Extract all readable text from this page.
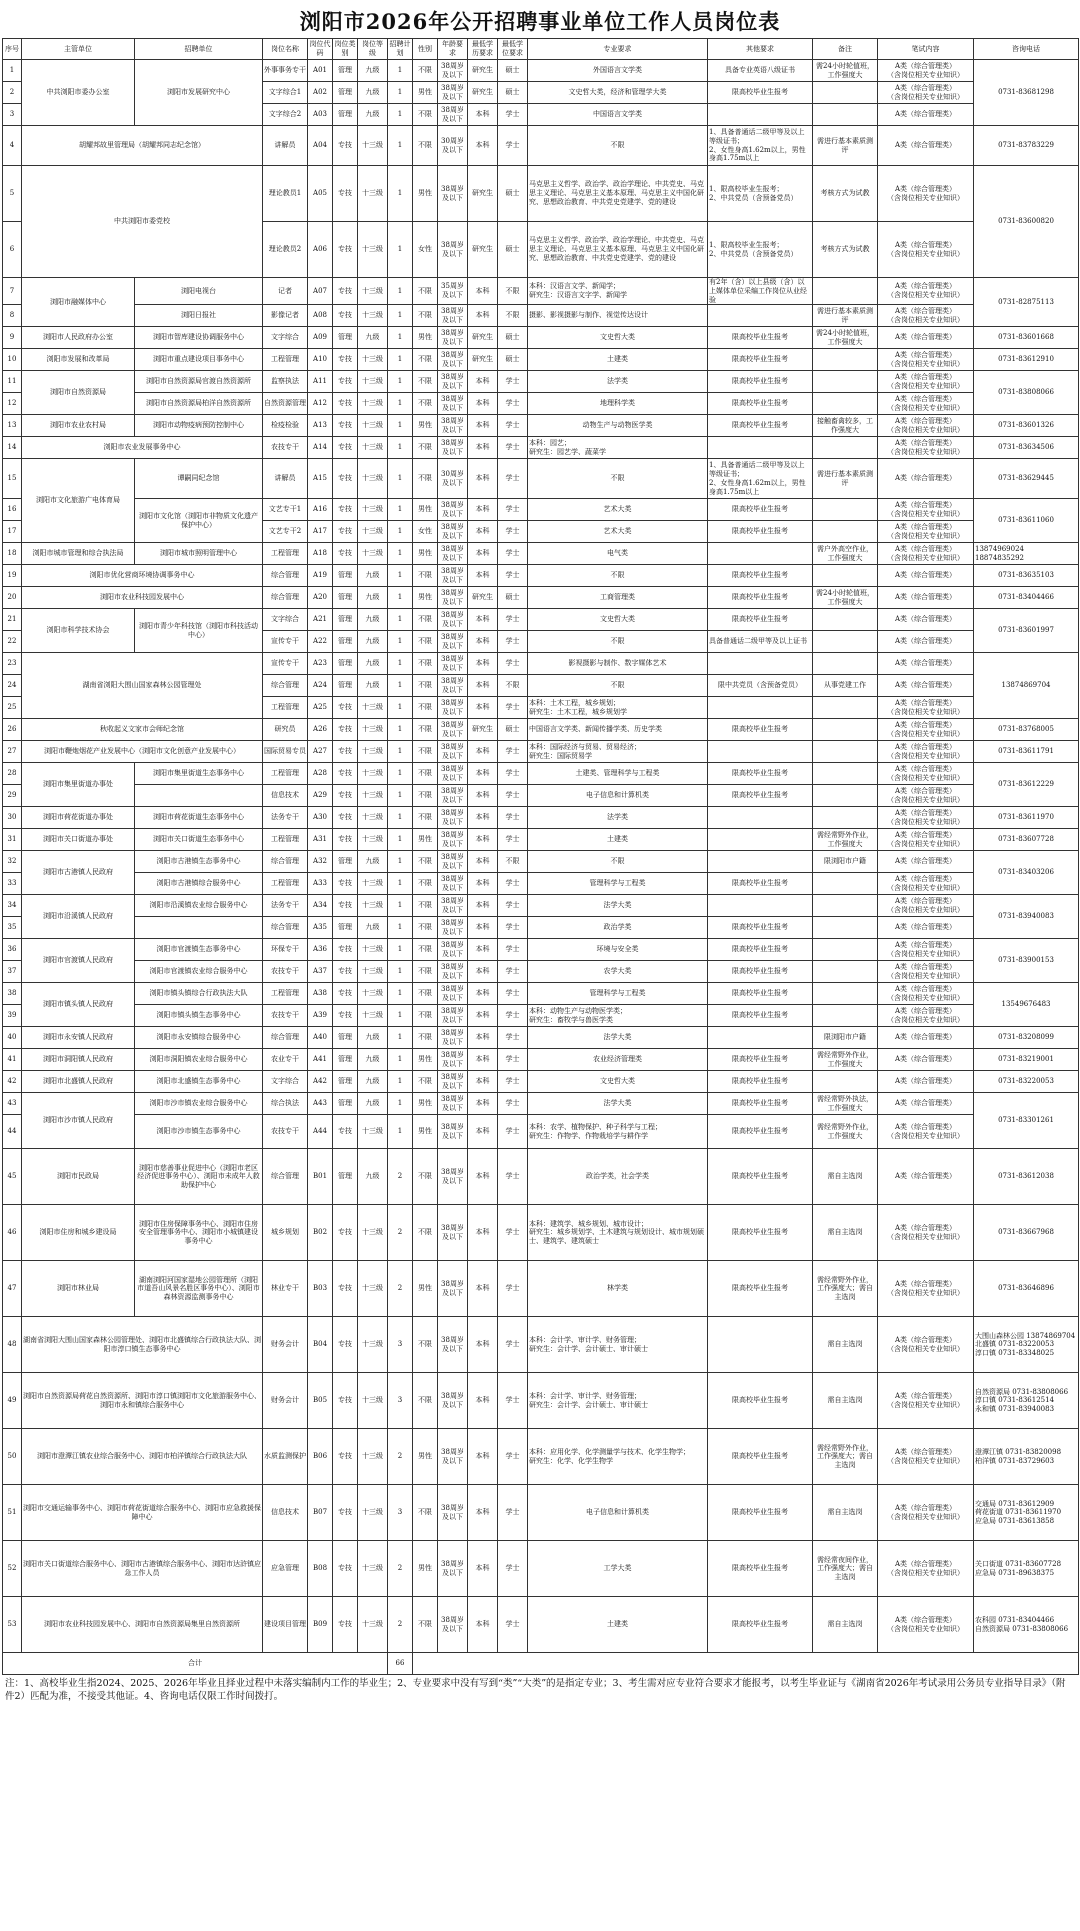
浏阳市2026年公开招聘事业单位工作人员岗位表
序号	主管单位	招聘单位	岗位名称	岗位代码	岗位类别	岗位等级	招聘计划	性别	年龄要求	最低学历要求	最低学位要求	专业要求	其他要求	备注	笔试内容	咨询电话
1	中共浏阳市委办公室	浏阳市发展研究中心	外事事务专干	A01	管理	九级	1	不限	38周岁及以下	研究生	硕士	外国语言文学类	具备专业英语八级证书	需24小时轮值班，工作强度大	A类（综合管理类）
（含岗位相关专业知识）	0731-83681298
2			文字综合1	A02	管理	九级	1	男性	38周岁及以下	研究生	硕士	文史哲大类，经济和管理学大类	限高校毕业生报考		A类（综合管理类）
（含岗位相关专业知识）	
3			文字综合2	A03	管理	九级	1	不限	38周岁及以下	本科	学士	中国语言文学类			A类（综合管理类）	
4	胡耀邦故里管理局（胡耀邦同志纪念馆）		讲解员	A04	专技	十三级	1	不限	30周岁及以下	本科	学士	不限	1、具备普通话二级甲等及以上等级证书；
2、女性身高1.62m以上，男性身高1.75m以上	需进行基本素质测评	A类（综合管理类）	0731-83783229
5	中共浏阳市委党校		理论教员1	A05	专技	十三级	1	男性	38周岁及以下	研究生	硕士	马克思主义哲学、政治学、政治学理论、中共党史、马克思主义理论、马克思主义基本原理、马克思主义中国化研究、思想政治教育、中共党史党建学、党的建设	1、限高校毕业生报考；
2、中共党员（含预备党员）	考核方式为试教	A类（综合管理类）
（含岗位相关专业知识）	0731-83600820
6			理论教员2	A06	专技	十三级	1	女性	38周岁及以下	研究生	硕士	马克思主义哲学、政治学、政治学理论、中共党史、马克思主义理论、马克思主义基本原理、马克思主义中国化研究、思想政治教育、中共党史党建学、党的建设	1、限高校毕业生报考；
2、中共党员（含预备党员）	考核方式为试教	A类（综合管理类）
（含岗位相关专业知识）	
7	浏阳市融媒体中心	浏阳电视台	记者	A07	专技	十三级	1	不限	35周岁及以下	本科	不限	本科：汉语言文学、新闻学；
研究生：汉语言文字学、新闻学	有2年（含）以上县级（含）以上媒体单位采编工作岗位从业经验		A类（综合管理类）
（含岗位相关专业知识）	0731-82875113
8		浏阳日报社	影像记者	A08	专技	十三级	1	不限	38周岁及以下	本科	不限	摄影、影视摄影与制作、视觉传达设计		需进行基本素质测评	A类（综合管理类）
（含岗位相关专业知识）	
9	浏阳市人民政府办公室	浏阳市智库建设协调服务中心	文字综合	A09	管理	九级	1	男性	38周岁及以下	研究生	硕士	文史哲大类	限高校毕业生报考	需24小时轮值班，工作强度大	A类（综合管理类）	0731-83601668
10	浏阳市发展和改革局	浏阳市重点建设项目事务中心	工程管理	A10	专技	十三级	1	不限	38周岁及以下	研究生	硕士	土建类	限高校毕业生报考		A类（综合管理类）
（含岗位相关专业知识）	0731-83612910
11	浏阳市自然资源局	浏阳市自然资源局官渡自然资源所	监察执法	A11	专技	十三级	1	不限	38周岁及以下	本科	学士	法学类	限高校毕业生报考		A类（综合管理类）
（含岗位相关专业知识）	0731-83808066
12		浏阳市自然资源局柏洋自然资源所	自然资源管理	A12	专技	十三级	1	不限	38周岁及以下	本科	学士	地理科学类	限高校毕业生报考		A类（综合管理类）
（含岗位相关专业知识）	
13	浏阳市农业农村局	浏阳市动物疫病预防控制中心	检疫检验	A13	专技	十三级	1	男性	38周岁及以下	本科	学士	动物生产与动物医学类	限高校毕业生报考	接触畜禽较多，工作强度大	A类（综合管理类）
（含岗位相关专业知识）	0731-83601326
14	浏阳市农业发展事务中心		农技专干	A14	专技	十三级	1	不限	38周岁及以下	本科	学士	本科：园艺；
研究生：园艺学、蔬菜学			A类（综合管理类）
（含岗位相关专业知识）	0731-83634506
15	浏阳市文化旅游广电体育局	谭嗣同纪念馆	讲解员	A15	专技	十三级	1	不限	30周岁及以下	本科	学士	不限	1、具备普通话二级甲等及以上等级证书；
2、女性身高1.62m以上，男性身高1.75m以上	需进行基本素质测评	A类（综合管理类）	0731-83629445
16		浏阳市文化馆（浏阳市非物质文化遗产保护中心）	文艺专干1	A16	专技	十三级	1	男性	38周岁及以下	本科	学士	艺术大类	限高校毕业生报考		A类（综合管理类）
（含岗位相关专业知识）	0731-83611060
17			文艺专干2	A17	专技	十三级	1	女性	38周岁及以下	本科	学士	艺术大类	限高校毕业生报考		A类（综合管理类）
（含岗位相关专业知识）	
18	浏阳市城市管理和综合执法局	浏阳市城市照明管理中心	工程管理	A18	专技	十三级	1	男性	38周岁及以下	本科	学士	电气类		需户外高空作业，工作强度大	A类（综合管理类）
（含岗位相关专业知识）	13874969024
18874835292
19	浏阳市优化营商环境协调事务中心		综合管理	A19	管理	九级	1	不限	38周岁及以下	本科	学士	不限	限高校毕业生报考		A类（综合管理类）	0731-83635103
20	浏阳市农业科技园发展中心		综合管理	A20	管理	九级	1	男性	38周岁及以下	研究生	硕士	工商管理类	限高校毕业生报考	需24小时轮值班，工作强度大	A类（综合管理类）	0731-83404466
21	浏阳市科学技术协会	浏阳市青少年科技馆（浏阳市科技活动中心）	文字综合	A21	管理	九级	1	不限	38周岁及以下	本科	学士	文史哲大类	限高校毕业生报考		A类（综合管理类）	0731-83601997
22			宣传专干	A22	管理	九级	1	不限	38周岁及以下	本科	学士	不限	具备普通话二级甲等及以上证书		A类（综合管理类）	
23	湖南省浏阳大围山国家森林公园管理处		宣传专干	A23	管理	九级	1	不限	38周岁及以下	本科	学士	影视摄影与制作、数字媒体艺术			A类（综合管理类）	13874869704
24			综合管理	A24	管理	九级	1	不限	38周岁及以下	本科	不限	不限	限中共党员（含预备党员）	从事党建工作	A类（综合管理类）	
25			工程管理	A25	专技	十三级	1	不限	38周岁及以下	本科	学士	本科：土木工程，城乡规划；
研究生：土木工程，城乡规划学			A类（综合管理类）
（含岗位相关专业知识）	
26	秋收起义文家市会师纪念馆		研究员	A26	专技	十三级	1	不限	38周岁及以下	研究生	硕士	中国语言文学类、新闻传播学类、历史学类	限高校毕业生报考		A类（综合管理类）
（含岗位相关专业知识）	0731-83768005
27	浏阳市鞭炮烟花产业发展中心（浏阳市文化创意产业发展中心）		国际贸易专员	A27	专技	十三级	1	不限	38周岁及以下	本科	学士	本科：国际经济与贸易、贸易经济；
研究生：国际贸易学			A类（综合管理类）
（含岗位相关专业知识）	0731-83611791
28	浏阳市集里街道办事处	浏阳市集里街道生态事务中心	工程管理	A28	专技	十三级	1	不限	38周岁及以下	本科	学士	土建类、管理科学与工程类	限高校毕业生报考		A类（综合管理类）
（含岗位相关专业知识）	0731-83612229
29			信息技术	A29	专技	十三级	1	不限	38周岁及以下	本科	学士	电子信息和计算机类	限高校毕业生报考		A类（综合管理类）
（含岗位相关专业知识）	
30	浏阳市荷花街道办事处	浏阳市荷花街道生态事务中心	法务专干	A30	专技	十三级	1	不限	38周岁及以下	本科	学士	法学类			A类（综合管理类）
（含岗位相关专业知识）	0731-83611970
31	浏阳市关口街道办事处	浏阳市关口街道生态事务中心	工程管理	A31	专技	十三级	1	男性	38周岁及以下	本科	学士	土建类		需经常野外作业，工作强度大	A类（综合管理类）
（含岗位相关专业知识）	0731-83607728
32	浏阳市古港镇人民政府	浏阳市古港镇生态事务中心	综合管理	A32	管理	九级	1	不限	38周岁及以下	本科	不限	不限		限浏阳市户籍	A类（综合管理类）	0731-83403206
33		浏阳市古港镇综合服务中心	工程管理	A33	专技	十三级	1	不限	38周岁及以下	本科	学士	管理科学与工程类	限高校毕业生报考		A类（综合管理类）
（含岗位相关专业知识）	
34	浏阳市沿溪镇人民政府	浏阳市沿溪镇农业综合服务中心	法务专干	A34	专技	十三级	1	不限	38周岁及以下	本科	学士	法学大类			A类（综合管理类）
（含岗位相关专业知识）	0731-83940083
35			综合管理	A35	管理	九级	1	不限	38周岁及以下	本科	学士	政治学类	限高校毕业生报考		A类（综合管理类）	
36	浏阳市官渡镇人民政府	浏阳市官渡镇生态事务中心	环保专干	A36	专技	十三级	1	不限	38周岁及以下	本科	学士	环境与安全类	限高校毕业生报考		A类（综合管理类）
（含岗位相关专业知识）	0731-83900153
37		浏阳市官渡镇农业综合服务中心	农技专干	A37	专技	十三级	1	不限	38周岁及以下	本科	学士	农学大类	限高校毕业生报考		A类（综合管理类）
（含岗位相关专业知识）	
38	浏阳市镇头镇人民政府	浏阳市镇头镇综合行政执法大队	工程管理	A38	专技	十三级	1	不限	38周岁及以下	本科	学士	管理科学与工程类	限高校毕业生报考		A类（综合管理类）
（含岗位相关专业知识）	13549676483
39		浏阳市镇头镇生态事务中心	农技专干	A39	专技	十三级	1	不限	38周岁及以下	本科	学士	本科：动物生产与动物医学类；
研究生：畜牧学与兽医学类	限高校毕业生报考		A类（综合管理类）
（含岗位相关专业知识）	
40	浏阳市永安镇人民政府	浏阳市永安镇综合服务中心	综合管理	A40	管理	九级	1	不限	38周岁及以下	本科	学士	法学大类		限浏阳市户籍	A类（综合管理类）	0731-83208099
41	浏阳市洞阳镇人民政府	浏阳市洞阳镇农业综合服务中心	农业专干	A41	管理	九级	1	男性	38周岁及以下	本科	学士	农业经济管理类	限高校毕业生报考	需经常野外作业，工作强度大	A类（综合管理类）	0731-83219001
42	浏阳市北盛镇人民政府	浏阳市北盛镇生态事务中心	文字综合	A42	管理	九级	1	不限	38周岁及以下	本科	学士	文史哲大类	限高校毕业生报考		A类（综合管理类）	0731-83220053
43	浏阳市沙市镇人民政府	浏阳市沙市镇农业综合服务中心	综合执法	A43	管理	九级	1	男性	38周岁及以下	本科	学士	法学大类	限高校毕业生报考	需经常野外执法，工作强度大	A类（综合管理类）	0731-83301261
44		浏阳市沙市镇生态事务中心	农技专干	A44	专技	十三级	1	男性	38周岁及以下	本科	学士	本科：农学、植物保护、种子科学与工程；
研究生：作物学、作物栽培学与耕作学	限高校毕业生报考	需经常野外作业，工作强度大	A类（综合管理类）
（含岗位相关专业知识）	
45	浏阳市民政局	浏阳市慈善事业促进中心（浏阳市老区经济促进事务中心）、浏阳市未成年人救助保护中心	综合管理	B01	管理	九级	2	不限	38周岁及以下	本科	学士	政治学类，社会学类	限高校毕业生报考	需自主选岗	A类（综合管理类）	0731-83612038
46	浏阳市住房和城乡建设局	浏阳市住房保障事务中心、浏阳市住房安全管理事务中心、浏阳市小城镇建设事务中心	城乡规划	B02	专技	十三级	2	不限	38周岁及以下	本科	学士	本科：建筑学、城乡规划、城市设计；
研究生：城乡规划学、土木建筑与规划设计、城市规划硕士、建筑学、建筑硕士	限高校毕业生报考	需自主选岗	A类（综合管理类）
（含岗位相关专业知识）	0731-83667968
47	浏阳市林业局	湖南浏阳河国家湿地公园管理所（浏阳市道吾山风景名胜区事务中心）、浏阳市森林资源监测事务中心	林业专干	B03	专技	十三级	2	男性	38周岁及以下	本科	学士	林学类	限高校毕业生报考	需经常野外作业，工作强度大；需自主选岗	A类（综合管理类）
（含岗位相关专业知识）	0731-83646896
48	湖南省浏阳大围山国家森林公园管理处、浏阳市北盛镇综合行政执法大队、浏阳市淳口镇生态事务中心		财务会计	B04	专技	十三级	3	不限	38周岁及以下	本科	学士	本科：会计学、审计学、财务管理；
研究生：会计学、会计硕士、审计硕士		需自主选岗	A类（综合管理类）
（含岗位相关专业知识）	大围山森林公园 13874869704
北盛镇 0731-83220053
淳口镇 0731-83348025
49	浏阳市自然资源局荷花自然资源所、浏阳市淳口镇浏阳市文化旅游服务中心、浏阳市永和镇综合服务中心		财务会计	B05	专技	十三级	3	不限	38周岁及以下	本科	学士	本科：会计学、审计学、财务管理；
研究生：会计学、会计硕士、审计硕士	限高校毕业生报考	需自主选岗	A类（综合管理类）
（含岗位相关专业知识）	自然资源局 0731-83808066
淳口镇 0731-83612514
永和镇 0731-83940083
50	浏阳市澄潭江镇农业综合服务中心、浏阳市柏洋镇综合行政执法大队		水质监测保护	B06	专技	十三级	2	男性	38周岁及以下	本科	学士	本科：应用化学、化学测量学与技术、化学生物学；
研究生：化学、化学生物学	限高校毕业生报考	需经常野外作业，工作强度大；需自主选岗	A类（综合管理类）
（含岗位相关专业知识）	澄潭江镇 0731-83820098
柏洋镇 0731-83729603
51	浏阳市交通运输事务中心、浏阳市荷花街道综合服务中心、浏阳市应急救援保障中心		信息技术	B07	专技	十三级	3	不限	38周岁及以下	本科	学士	电子信息和计算机类	限高校毕业生报考	需自主选岗	A类（综合管理类）
（含岗位相关专业知识）	交通局 0731-83612909
荷花街道 0731-83611970
应急局 0731-83613858
52	浏阳市关口街道综合服务中心、浏阳市古港镇综合服务中心、浏阳市达浒镇应急工作人员		应急管理	B08	专技	十三级	2	男性	38周岁及以下	本科	学士	工学大类	限高校毕业生报考	需经常夜间作业，工作强度大；需自主选岗	A类（综合管理类）
（含岗位相关专业知识）	关口街道 0731-83607728
应急局 0731-89638375
53	浏阳市农业科技园发展中心、浏阳市自然资源局集里自然资源所		建设项目管理	B09	专技	十三级	2	不限	38周岁及以下	本科	学士	土建类	限高校毕业生报考	需自主选岗	A类（综合管理类）
（含岗位相关专业知识）	农科园 0731-83404466
自然资源局 0731-83808066
合计							66									
注：1、高校毕业生指2024、2025、2026年毕业且择业过程中未落实编制内工作的毕业生；2、专业要求中没有写到“类”“大类”的是指定专业；3、考生需对应专业符合要求才能报考，以考生毕业证与《湖南省2026年考试录用公务员专业指导目录》（附件2）匹配为准，不接受其他证。4、咨询电话仅限工作时间拨打。
